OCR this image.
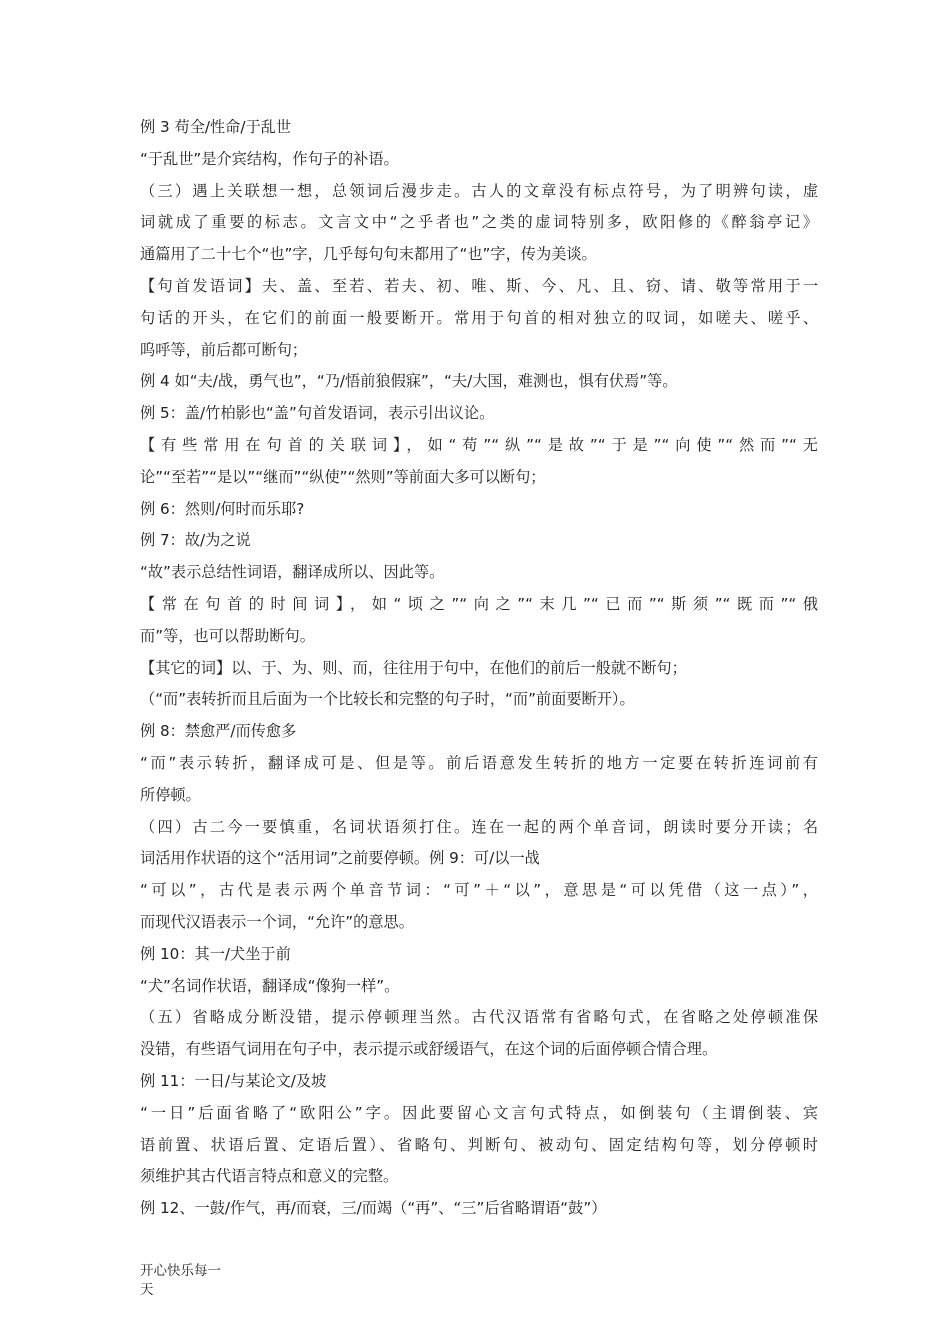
例 3 苟全/性命/于乱世

“于乱世”是介宾结构，作句子的补语。

（三）遇上关联想一想，总领词后漫步走。古人的文章没有标点符号，为了明辨句读，虚

词就成了重要的标志。文言文中“之乎者也”之类的虚词特别多，欧阳修的《醉翁亭记》

通篇用了二十七个“也”字，几乎每句句末都用了“也”字，传为美谈。

【句首发语词】夫、盖、至若、若夫、初、唯、斯、今、凡、且、窃、请、敬等常用于一

句话的开头，在它们的前面一般要断开。常用于句首的相对独立的叹词，如嗟夫、嗟乎、

呜呼等，前后都可断句；

例 4 如“夫/战，勇气也”，“乃/悟前狼假寐”，“夫/大国，难测也，惧有伏焉”等。

例 5：盖/竹柏影也“盖”句首发语词，表示引出议论。

【有些常用在句首的关联词】，如“苟”“纵”“是故”“于是”“向使”“然而”“无

论”“至若”“是以”“继而”“纵使”“然则”等前面大多可以断句；

例 6：然则/何时而乐耶?

例 7：故/为之说

“故”表示总结性词语，翻译成所以、因此等。

【常在句首的时间词】，如“顷之”“向之”“末几”“已而”“斯须”“既而”“俄

而”等，也可以帮助断句。

【其它的词】以、于、为、则、而，往往用于句中，在他们的前后一般就不断句；

（“而”表转折而且后面为一个比较长和完整的句子时，“而”前面要断开）。

例 8：禁愈严/而传愈多

“而”表示转折，翻译成可是、但是等。前后语意发生转折的地方一定要在转折连词前有

所停顿。

（四）古二今一要慎重，名词状语须打住。连在一起的两个单音词，朗读时要分开读；名

词活用作状语的这个“活用词”之前要停顿。例 9：可/以一战

“可以”，古代是表示两个单音节词：“可”＋“以”，意思是“可以凭借（这一点）”，

而现代汉语表示一个词，“允许”的意思。

例 10：其一/犬坐于前

“犬”名词作状语，翻译成“像狗一样”。

（五）省略成分断没错，提示停顿理当然。古代汉语常有省略句式，在省略之处停顿准保

没错，有些语气词用在句子中，表示提示或舒缓语气，在这个词的后面停顿合情合理。

例 11：一日/与某论文/及坡

“一日”后面省略了“欧阳公”字。因此要留心文言句式特点，如倒装句（主谓倒装、宾

语前置、状语后置、定语后置）、省略句、判断句、被动句、固定结构句等，划分停顿时

须维护其古代语言特点和意义的完整。

例 12、一鼓/作气，再/而衰，三/而竭（“再”、“三”后省略谓语“鼓”）

开心快乐每一
天
